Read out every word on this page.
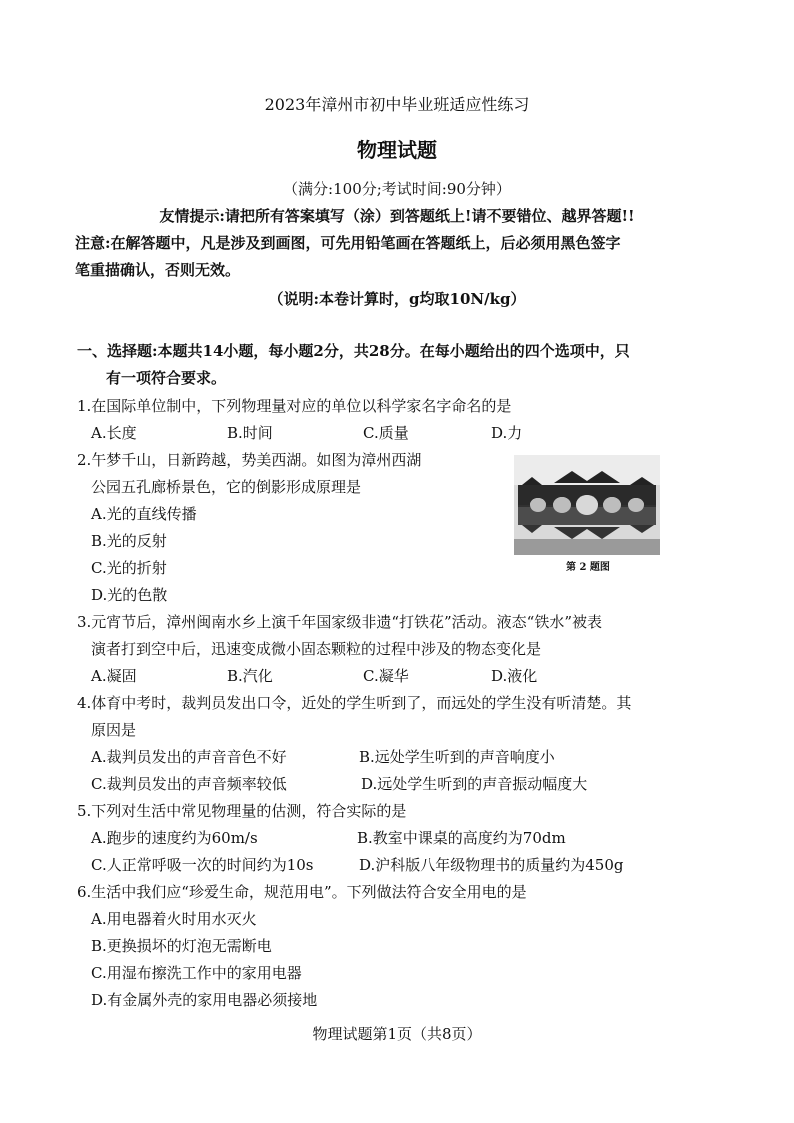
2023年漳州市初中毕业班适应性练习
物理试题
（满分:100分;考试时间:90分钟）
友情提示:请把所有答案填写（涂）到答题纸上!请不要错位、越界答题!!
注意:在解答题中，凡是涉及到画图，可先用铅笔画在答题纸上，后必须用黑色签字
笔重描确认，否则无效。
（说明:本卷计算时，g均取10N/kg）
一、选择题:本题共14小题，每小题2分，共28分。在每小题给出的四个选项中，只
有一项符合要求。
1.在国际单位制中，下列物理量对应的单位以科学家名字命名的是
A.长度	B.时间	C.质量	D.力
2.午梦千山，日新跨越，势美西湖。如图为漳州西湖
公园五孔廊桥景色，它的倒影形成原理是
A.光的直线传播
B.光的反射
C.光的折射
D.光的色散
第 2 题图
3.元宵节后，漳州闽南水乡上演千年国家级非遗“打铁花”活动。液态“铁水”被表
演者打到空中后，迅速变成微小固态颗粒的过程中涉及的物态变化是
A.凝固	B.汽化	C.凝华	D.液化
4.体育中考时，裁判员发出口令，近处的学生听到了，而远处的学生没有听清楚。其
原因是
A.裁判员发出的声音音色不好	B.远处学生听到的声音响度小
C.裁判员发出的声音频率较低	D.远处学生听到的声音振动幅度大
5.下列对生活中常见物理量的估测，符合实际的是
A.跑步的速度约为60m/s	B.教室中课桌的高度约为70dm
C.人正常呼吸一次的时间约为10s	D.沪科版八年级物理书的质量约为450g
6.生活中我们应“珍爱生命，规范用电”。下列做法符合安全用电的是
A.用电器着火时用水灭火
B.更换损坏的灯泡无需断电
C.用湿布擦洗工作中的家用电器
D.有金属外壳的家用电器必须接地
物理试题第1页（共8页）
